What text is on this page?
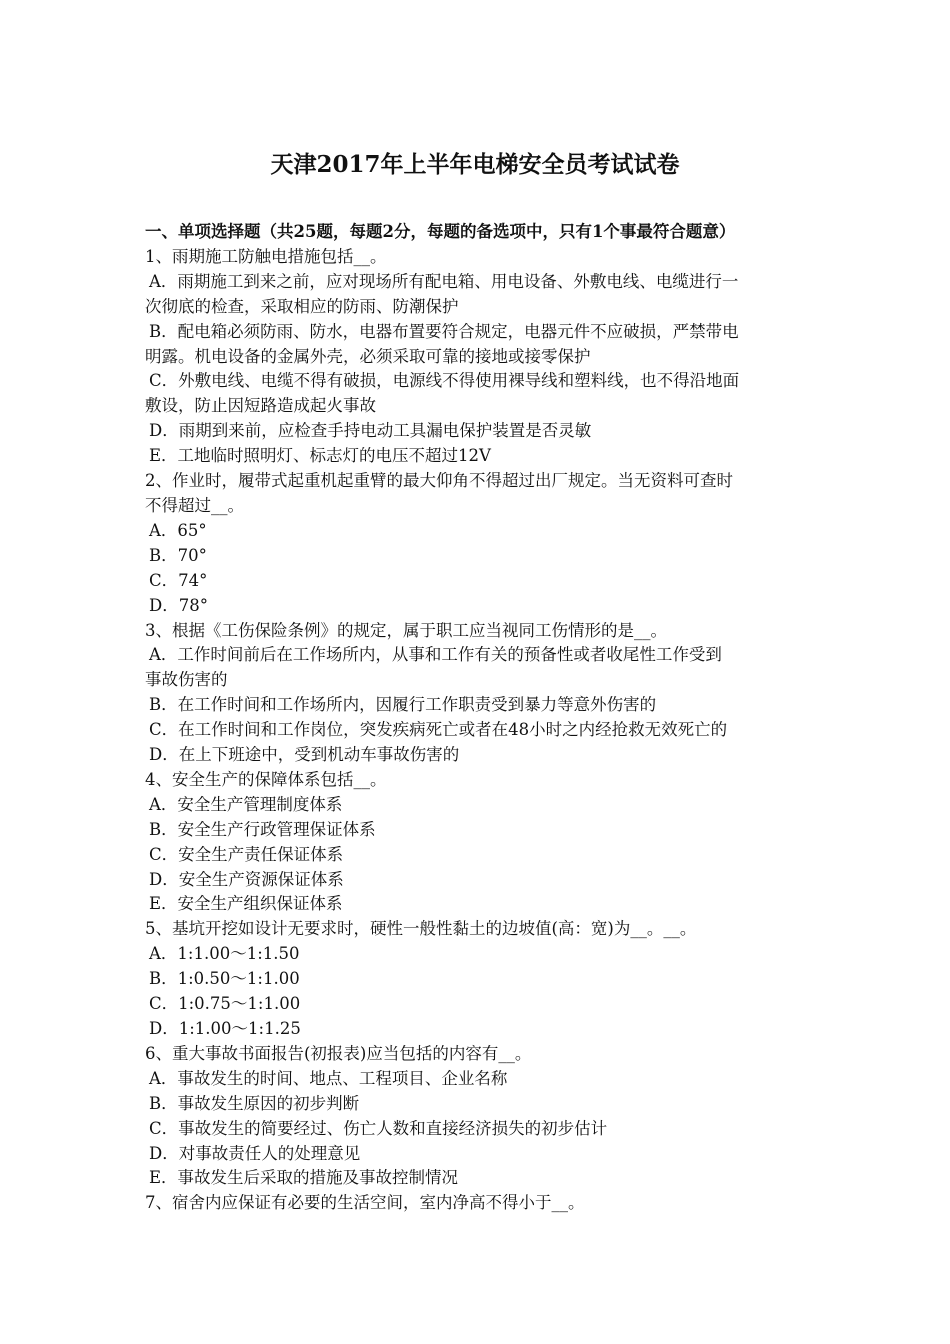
天津2017年上半年电梯安全员考试试卷
一、单项选择题（共25题，每题2分，每题的备选项中，只有1个事最符合题意）
1、雨期施工防触电措施包括__。
A．雨期施工到来之前，应对现场所有配电箱、用电设备、外敷电线、电缆进行一
次彻底的检查，采取相应的防雨、防潮保护
B．配电箱必须防雨、防水，电器布置要符合规定，电器元件不应破损，严禁带电
明露。机电设备的金属外壳，必须采取可靠的接地或接零保护
C．外敷电线、电缆不得有破损，电源线不得使用裸导线和塑料线，也不得沿地面
敷设，防止因短路造成起火事故
D．雨期到来前，应检查手持电动工具漏电保护装置是否灵敏
E．工地临时照明灯、标志灯的电压不超过12V
2、作业时，履带式起重机起重臂的最大仰角不得超过出厂规定。当无资料可查时
不得超过__。
A．65°
B．70°
C．74°
D．78°
3、根据《工伤保险条例》的规定，属于职工应当视同工伤情形的是__。
A．工作时间前后在工作场所内，从事和工作有关的预备性或者收尾性工作受到
事故伤害的
B．在工作时间和工作场所内，因履行工作职责受到暴力等意外伤害的
C．在工作时间和工作岗位，突发疾病死亡或者在48小时之内经抢救无效死亡的
D．在上下班途中，受到机动车事故伤害的
4、安全生产的保障体系包括__。
A．安全生产管理制度体系
B．安全生产行政管理保证体系
C．安全生产责任保证体系
D．安全生产资源保证体系
E．安全生产组织保证体系
5、基坑开挖如设计无要求时，硬性一般性黏土的边坡值(高：宽)为__。__。
A．1:1.00～1:1.50
B．1:0.50～1:1.00
C．1:0.75～1:1.00
D．1:1.00～1:1.25
6、重大事故书面报告(初报表)应当包括的内容有__。
A．事故发生的时间、地点、工程项目、企业名称
B．事故发生原因的初步判断
C．事故发生的简要经过、伤亡人数和直接经济损失的初步估计
D．对事故责任人的处理意见
E．事故发生后采取的措施及事故控制情况
7、宿舍内应保证有必要的生活空间，室内净高不得小于__。
